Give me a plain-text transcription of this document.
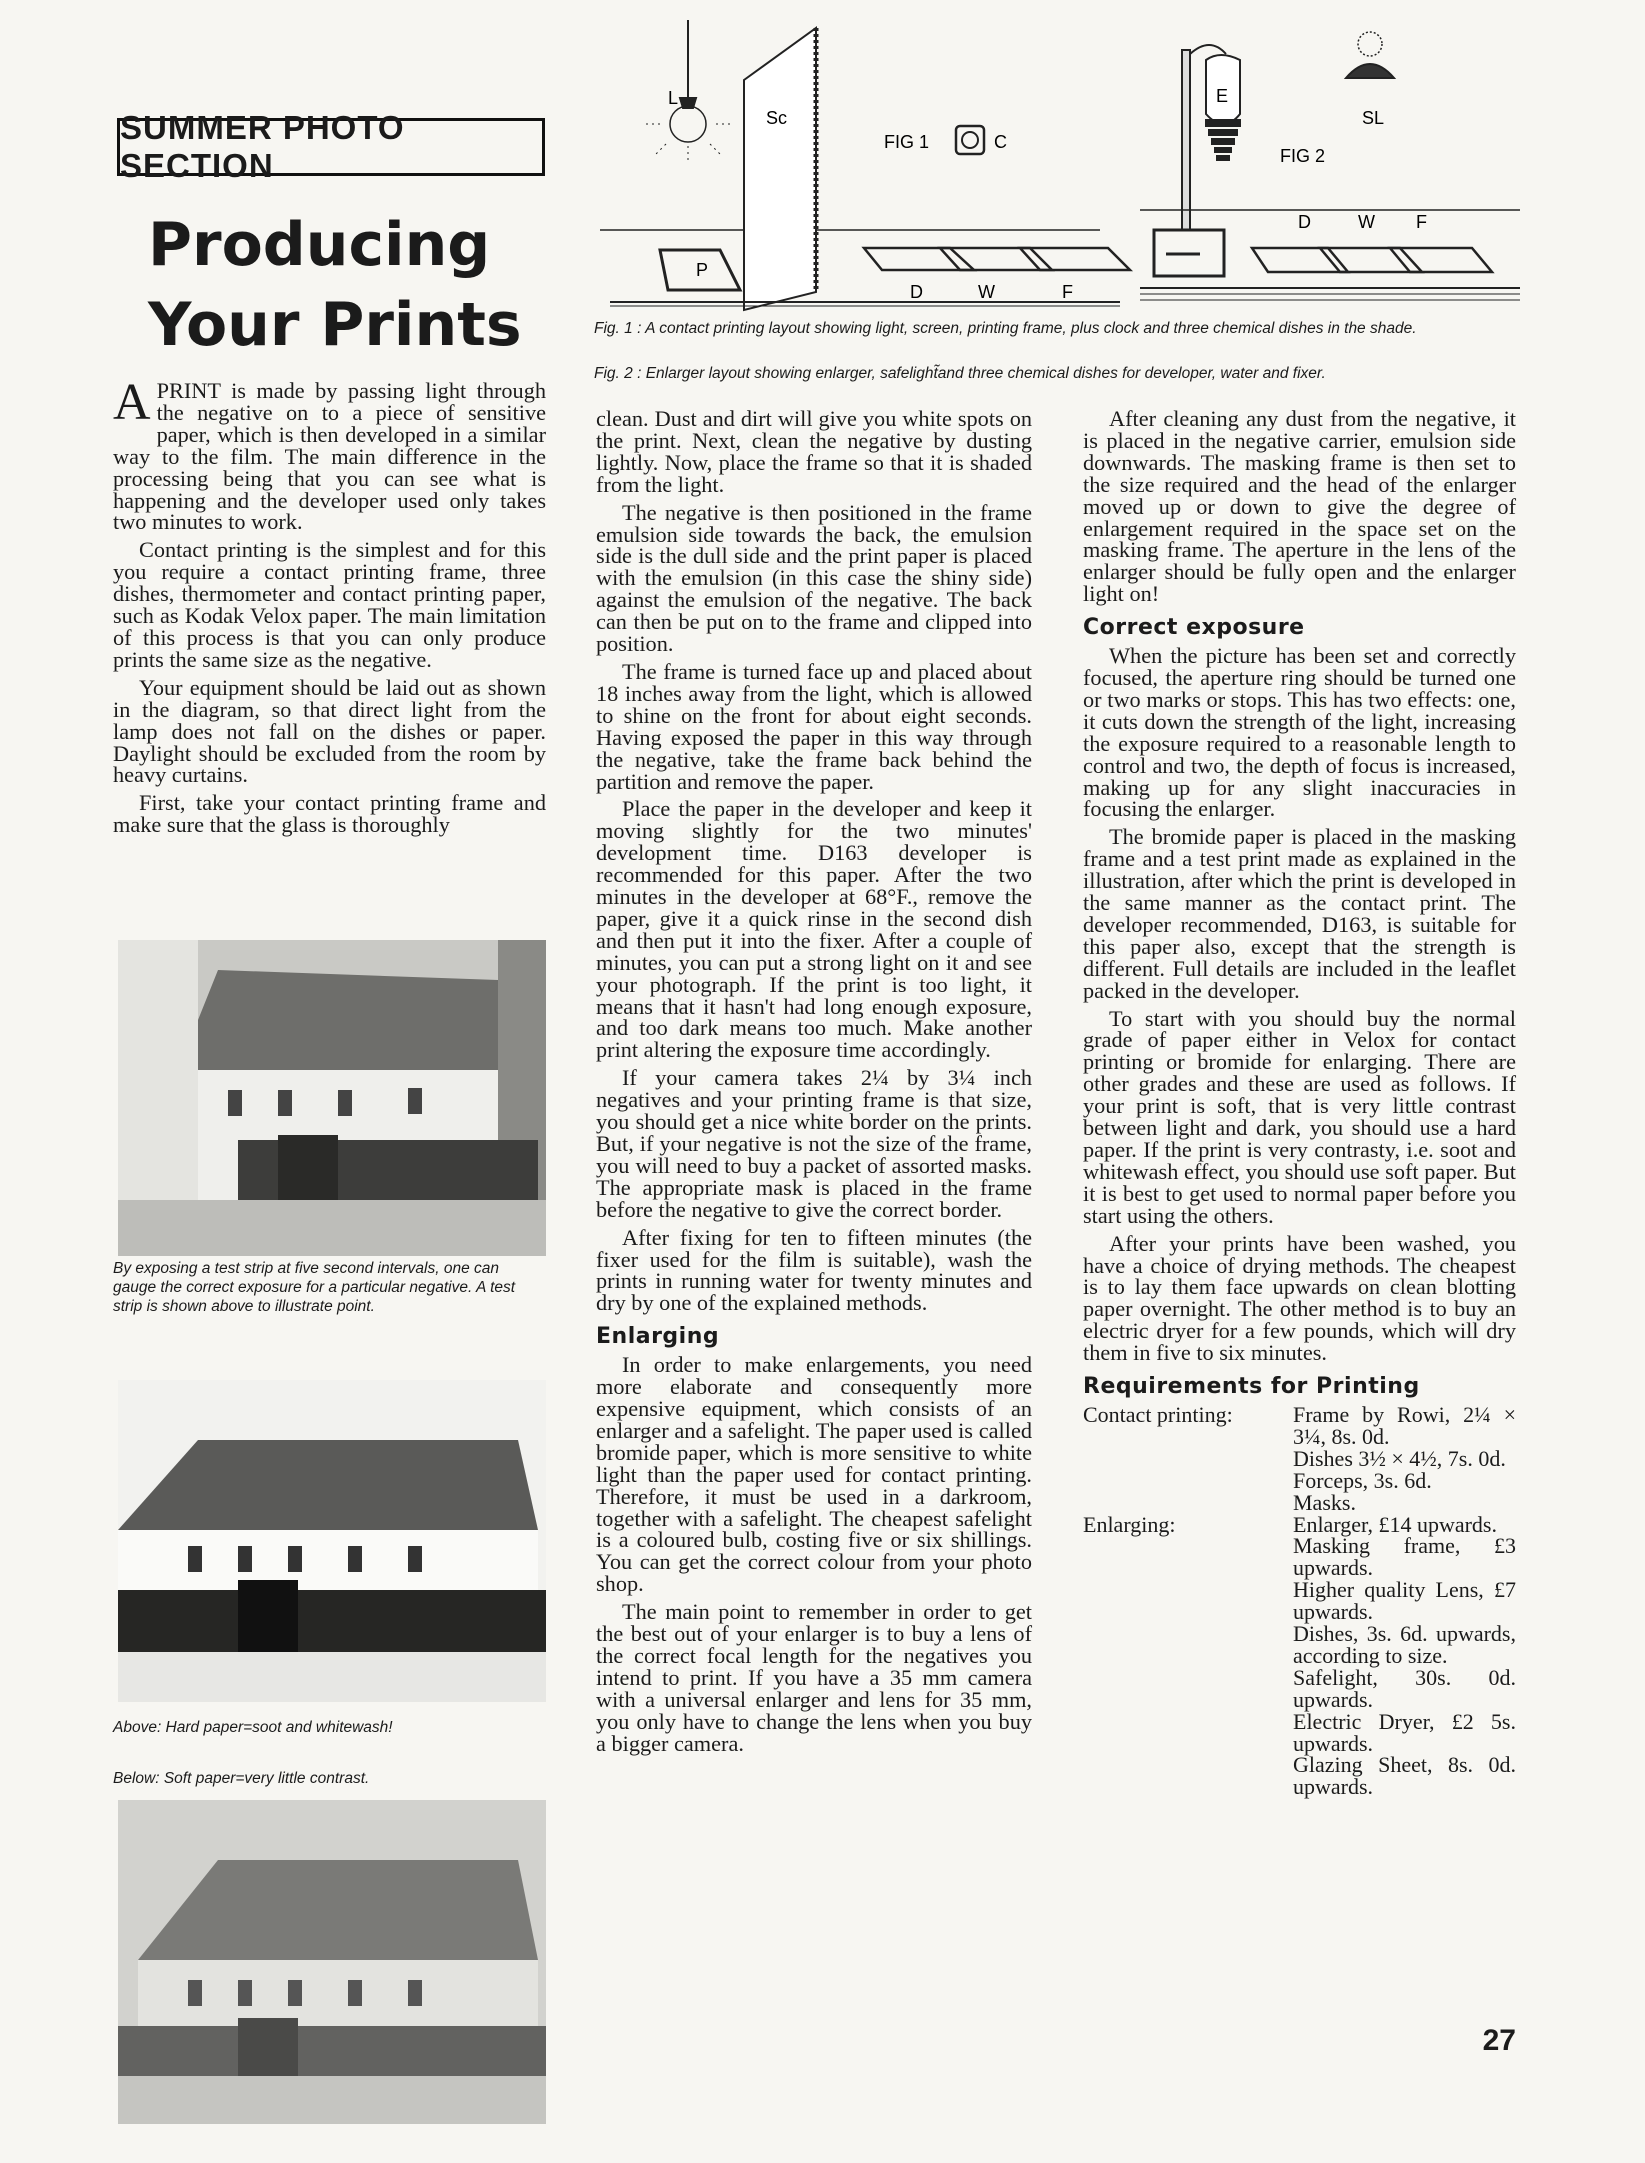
SUMMER PHOTO SECTION
Producing
Your Prints
L
Sc
FIG 1	C
P
D	W	F
E
SL
FIG 2
D	W F
Fig. 1 : A contact printing layout showing light, screen, printing frame, plus clock and three chemical dishes in the shade.
Fig. 2 : Enlarger layout showing enlarger, safelight̃and three chemical dishes for developer, water and fixer.

APRINT is made by passing light through the negative on to a piece of sensitive paper, which is then developed in a similar way to the film. The main difference in the processing being that you can see what is happening and the developer used only takes two minutes to work.

Contact printing is the simplest and for this you require a contact printing frame, three dishes, thermometer and contact printing paper, such as Kodak Velox paper. The main limitation of this process is that you can only produce prints the same size as the negative.

Your equipment should be laid out as shown in the diagram, so that direct light from the lamp does not fall on the dishes or paper. Daylight should be excluded from the room by heavy curtains.

First, take your contact printing frame and make sure that the glass is thoroughly

By exposing a test strip at five second intervals, one can gauge the correct exposure for a particular negative. A test strip is shown above to illustrate point.
Above: Hard paper=soot and whitewash!
Below: Soft paper=very little contrast.

clean. Dust and dirt will give you white spots on the print. Next, clean the negative by dusting lightly. Now, place the frame so that it is shaded from the light.

The negative is then positioned in the frame emulsion side towards the back, the emulsion side is the dull side and the print paper is placed with the emulsion (in this case the shiny side) against the emulsion of the negative. The back can then be put on to the frame and clipped into position.

The frame is turned face up and placed about 18 inches away from the light, which is allowed to shine on the front for about eight seconds. Having exposed the paper in this way through the negative, take the frame back behind the partition and remove the paper.

Place the paper in the developer and keep it moving slightly for the two minutes' development time. D163 developer is recommended for this paper. After the two minutes in the developer at 68°F., remove the paper, give it a quick rinse in the second dish and then put it into the fixer. After a couple of minutes, you can put a strong light on it and see your photograph. If the print is too light, it means that it hasn't had long enough exposure, and too dark means too much. Make another print altering the exposure time accordingly.

If your camera takes 2¼ by 3¼ inch negatives and your printing frame is that size, you should get a nice white border on the prints. But, if your negative is not the size of the frame, you will need to buy a packet of assorted masks. The appropriate mask is placed in the frame before the negative to give the correct border.

After fixing for ten to fifteen minutes (the fixer used for the film is suitable), wash the prints in running water for twenty minutes and dry by one of the explained methods.

Enlarging

In order to make enlargements, you need more elaborate and consequently more expensive equipment, which consists of an enlarger and a safelight. The paper used is called bromide paper, which is more sensitive to white light than the paper used for contact printing. Therefore, it must be used in a darkroom, together with a safelight. The cheapest safelight is a coloured bulb, costing five or six shillings. You can get the correct colour from your photo shop.

The main point to remember in order to get the best out of your enlarger is to buy a lens of the correct focal length for the negatives you intend to print. If you have a 35 mm camera with a universal enlarger and lens for 35 mm, you only have to change the lens when you buy a bigger camera.

After cleaning any dust from the negative, it is placed in the negative carrier, emulsion side downwards. The masking frame is then set to the size required and the head of the enlarger moved up or down to give the degree of enlargement required in the space set on the masking frame. The aperture in the lens of the enlarger should be fully open and the enlarger light on!

Correct exposure

When the picture has been set and correctly focused, the aperture ring should be turned one or two marks or stops. This has two effects: one, it cuts down the strength of the light, increasing the exposure required to a reasonable length to control and two, the depth of focus is increased, making up for any slight inaccuracies in focusing the enlarger.

The bromide paper is placed in the masking frame and a test print made as explained in the illustration, after which the print is developed in the same manner as the contact print. The developer recommended, D163, is suitable for this paper also, except that the strength is different. Full details are included in the leaflet packed in the developer.

To start with you should buy the normal grade of paper either in Velox for contact printing or bromide for enlarging. There are other grades and these are used as follows. If your print is soft, that is very little contrast between light and dark, you should use a hard paper. If the print is very contrasty, i.e. soot and whitewash effect, you should use soft paper. But it is best to get used to normal paper before you start using the others.

After your prints have been washed, you have a choice of drying methods. The cheapest is to lay them face upwards on clean blotting paper overnight. The other method is to buy an electric dryer for a few pounds, which will dry them in five to six minutes.

Requirements for Printing
Contact printing:	Frame by Rowi, 2¼ × 3¼, 8s. 0d.
Dishes 3½ × 4½, 7s. 0d.
Forceps, 3s. 6d.
Masks.
Enlarging:	Enlarger, £14 upwards.
Masking frame, £3 upwards.
Higher quality Lens, £7 upwards.
Dishes, 3s. 6d. upwards, according to size.
Safelight, 30s. 0d. upwards.
Electric Dryer, £2 5s. upwards.
Glazing Sheet, 8s. 0d. upwards.
27
